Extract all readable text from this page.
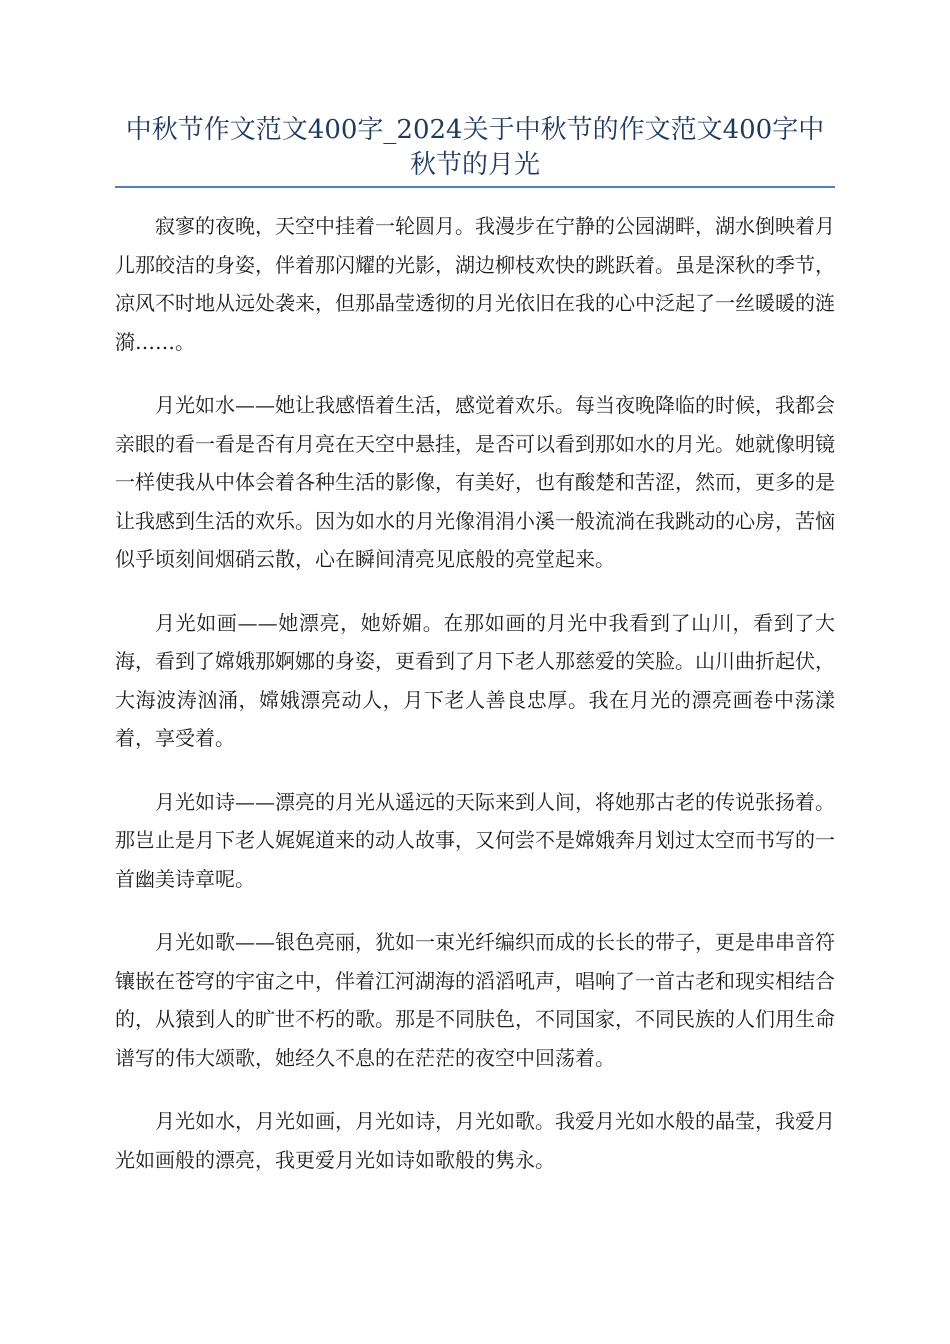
中秋节作文范文400字_2024关于中秋节的作文范文400字中秋节的月光

寂寥的夜晚，天空中挂着一轮圆月。我漫步在宁静的公园湖畔，湖水倒映着月儿那皎洁的身姿，伴着那闪耀的光影，湖边柳枝欢快的跳跃着。虽是深秋的季节，凉风不时地从远处袭来，但那晶莹透彻的月光依旧在我的心中泛起了一丝暖暖的涟漪……。

月光如水——她让我感悟着生活，感觉着欢乐。每当夜晚降临的时候，我都会亲眼的看一看是否有月亮在天空中悬挂，是否可以看到那如水的月光。她就像明镜一样使我从中体会着各种生活的影像，有美好，也有酸楚和苦涩，然而，更多的是让我感到生活的欢乐。因为如水的月光像涓涓小溪一般流淌在我跳动的心房，苦恼似乎顷刻间烟硝云散，心在瞬间清亮见底般的亮堂起来。

月光如画——她漂亮，她娇媚。在那如画的月光中我看到了山川，看到了大海，看到了嫦娥那婀娜的身姿，更看到了月下老人那慈爱的笑脸。山川曲折起伏，大海波涛汹涌，嫦娥漂亮动人，月下老人善良忠厚。我在月光的漂亮画卷中荡漾着，享受着。

月光如诗——漂亮的月光从遥远的天际来到人间，将她那古老的传说张扬着。那岂止是月下老人娓娓道来的动人故事，又何尝不是嫦娥奔月划过太空而书写的一首幽美诗章呢。

月光如歌——银色亮丽，犹如一束光纤编织而成的长长的带子，更是串串音符镶嵌在苍穹的宇宙之中，伴着江河湖海的滔滔吼声，唱响了一首古老和现实相结合的，从猿到人的旷世不朽的歌。那是不同肤色，不同国家，不同民族的人们用生命谱写的伟大颂歌，她经久不息的在茫茫的夜空中回荡着。

月光如水，月光如画，月光如诗，月光如歌。我爱月光如水般的晶莹，我爱月光如画般的漂亮，我更爱月光如诗如歌般的隽永。
